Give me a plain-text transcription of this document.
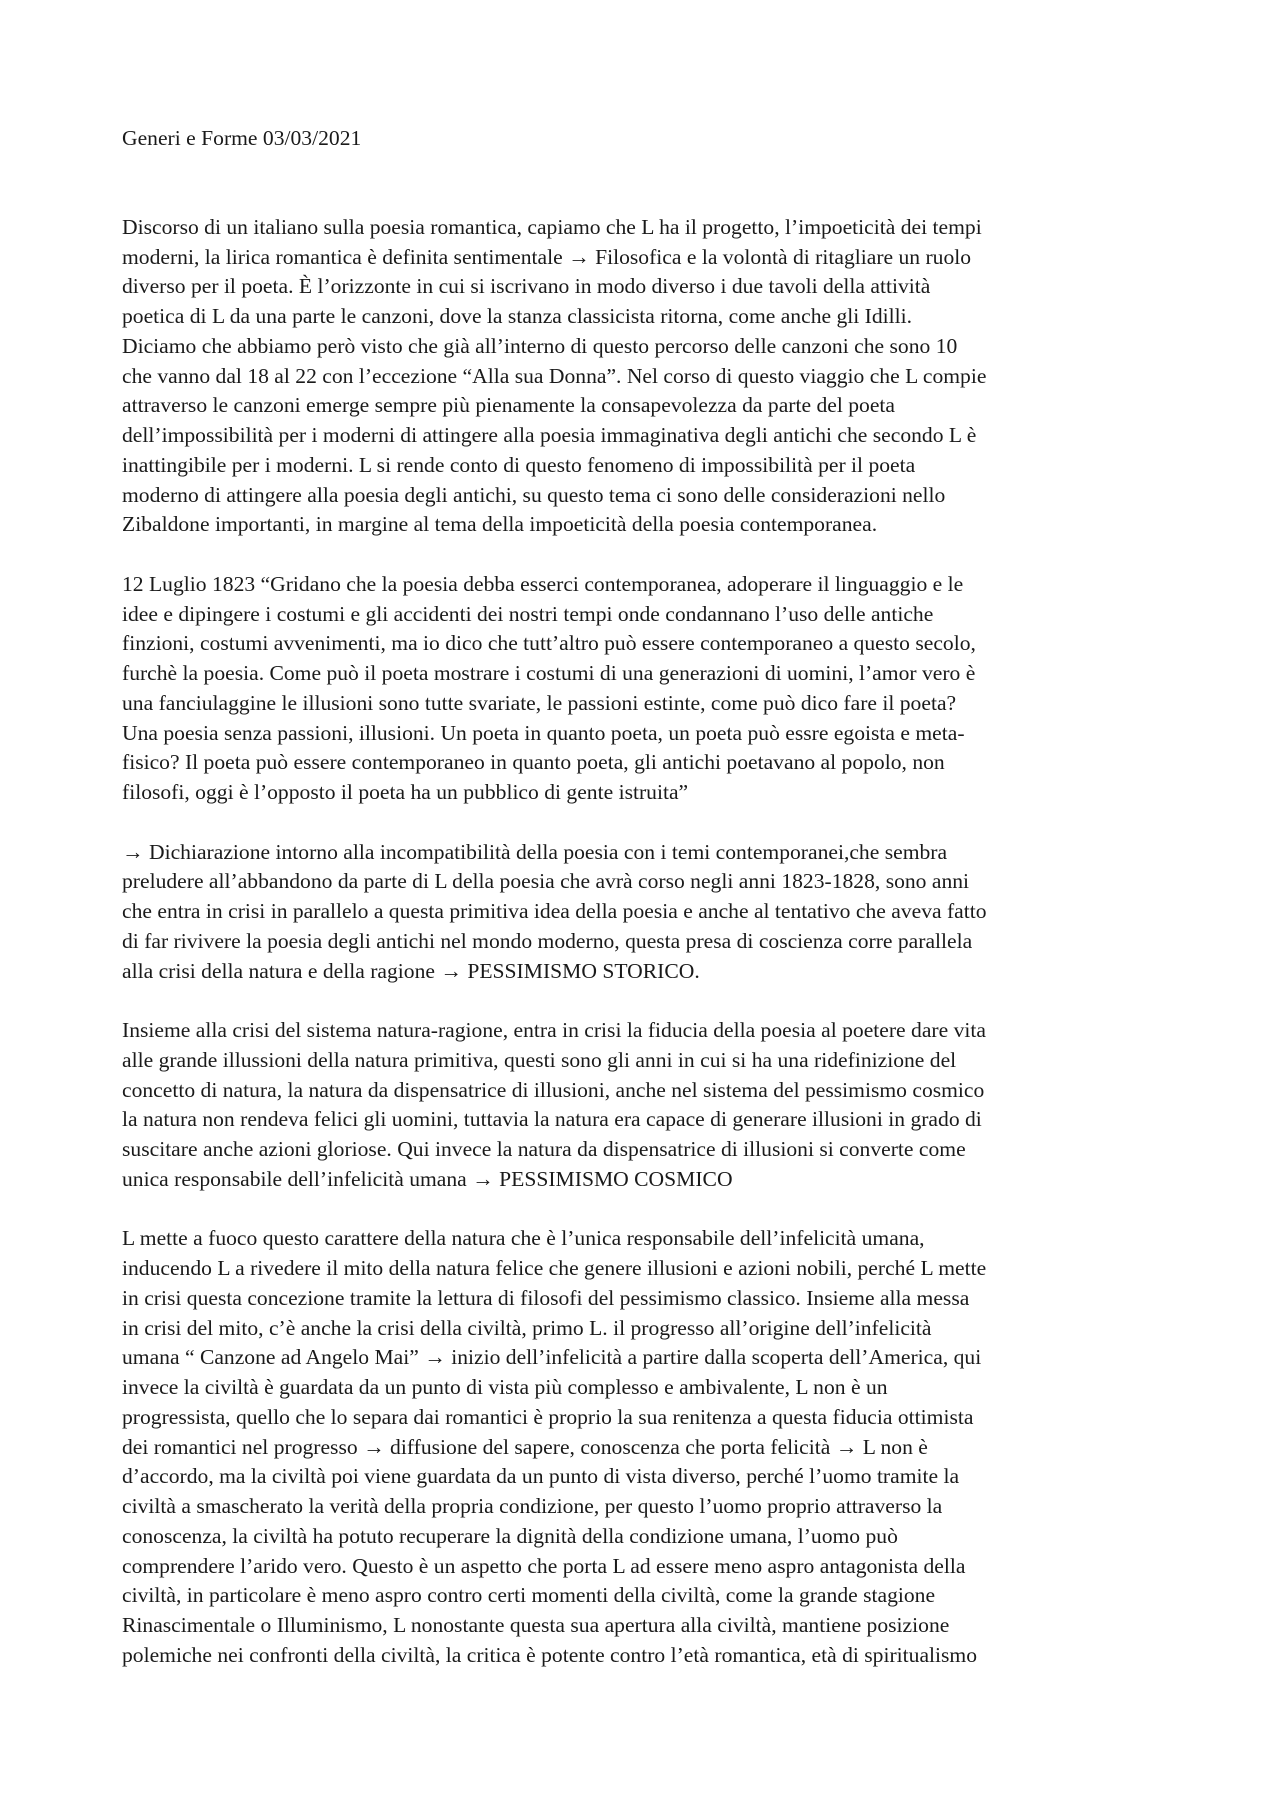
Generi e Forme 03/03/2021
Discorso di un italiano sulla poesia romantica, capiamo che L ha il progetto, l’impoeticità dei tempi
moderni, la lirica romantica è definita sentimentale → Filosofica e la volontà di ritagliare un ruolo
diverso per il poeta. È l’orizzonte in cui si iscrivano in modo diverso i due tavoli della attività
poetica di L da una parte le canzoni, dove la stanza classicista ritorna, come anche gli Idilli.
Diciamo che abbiamo però visto che già all’interno di questo percorso delle canzoni che sono 10
che vanno dal 18 al 22 con l’eccezione “Alla sua Donna”. Nel corso di questo viaggio che L compie
attraverso le canzoni emerge sempre più pienamente la consapevolezza da parte del poeta
dell’impossibilità per i moderni di attingere alla poesia immaginativa degli antichi che secondo L è
inattingibile per i moderni. L si rende conto di questo fenomeno di impossibilità per il poeta
moderno di attingere alla poesia degli antichi, su questo tema ci sono delle considerazioni nello
Zibaldone importanti, in margine al tema della impoeticità della poesia contemporanea.
12 Luglio 1823 “Gridano che la poesia debba esserci contemporanea, adoperare il linguaggio e le
idee e dipingere i costumi e gli accidenti dei nostri tempi onde condannano l’uso delle antiche
finzioni, costumi avvenimenti, ma io dico che tutt’altro può essere contemporaneo a questo secolo,
furchè la poesia. Come può il poeta mostrare i costumi di una generazioni di uomini, l’amor vero è
una fanciulaggine le illusioni sono tutte svariate, le passioni estinte, come può dico fare il poeta?
Una poesia senza passioni, illusioni. Un poeta in quanto poeta, un poeta può essre egoista e meta-
fisico? Il poeta può essere contemporaneo in quanto poeta, gli antichi poetavano al popolo, non
filosofi, oggi è l’opposto il poeta ha un pubblico di gente istruita”
→ Dichiarazione intorno alla incompatibilità della poesia con i temi contemporanei,che sembra
preludere all’abbandono da parte di L della poesia che avrà corso negli anni 1823-1828, sono anni
che entra in crisi in parallelo a questa primitiva idea della poesia e anche al tentativo che aveva fatto
di far rivivere la poesia degli antichi nel mondo moderno, questa presa di coscienza corre parallela
alla crisi della natura e della ragione → PESSIMISMO STORICO.
Insieme alla crisi del sistema natura-ragione, entra in crisi la fiducia della poesia al poetere dare vita
alle grande illussioni della natura primitiva, questi sono gli anni in cui si ha una ridefinizione del
concetto di natura, la natura da dispensatrice di illusioni, anche nel sistema del pessimismo cosmico
la natura non rendeva felici gli uomini, tuttavia la natura era capace di generare illusioni in grado di
suscitare anche azioni gloriose. Qui invece la natura da dispensatrice di illusioni si converte come
unica responsabile dell’infelicità umana → PESSIMISMO COSMICO
L mette a fuoco questo carattere della natura che è l’unica responsabile dell’infelicità umana,
inducendo L a rivedere il mito della natura felice che genere illusioni e azioni nobili, perché L mette
in crisi questa concezione tramite la lettura di filosofi del pessimismo classico. Insieme alla messa
in crisi del mito, c’è anche la crisi della civiltà, primo L. il progresso all’origine dell’infelicità
umana “ Canzone ad Angelo Mai” → inizio dell’infelicità a partire dalla scoperta dell’America, qui
invece la civiltà è guardata da un punto di vista più complesso e ambivalente, L non è un
progressista, quello che lo separa dai romantici è proprio la sua renitenza a questa fiducia ottimista
dei romantici nel progresso → diffusione del sapere, conoscenza che porta felicità → L non è
d’accordo, ma la civiltà poi viene guardata da un punto di vista diverso, perché l’uomo tramite la
civiltà a smascherato la verità della propria condizione, per questo l’uomo proprio attraverso la
conoscenza, la civiltà ha potuto recuperare la dignità della condizione umana, l’uomo può
comprendere l’arido vero. Questo è un aspetto che porta L ad essere meno aspro antagonista della
civiltà, in particolare è meno aspro contro certi momenti della civiltà, come la grande stagione
Rinascimentale o Illuminismo, L nonostante questa sua apertura alla civiltà, mantiene posizione
polemiche nei confronti della civiltà, la critica è potente contro l’età romantica, età di spiritualismo
